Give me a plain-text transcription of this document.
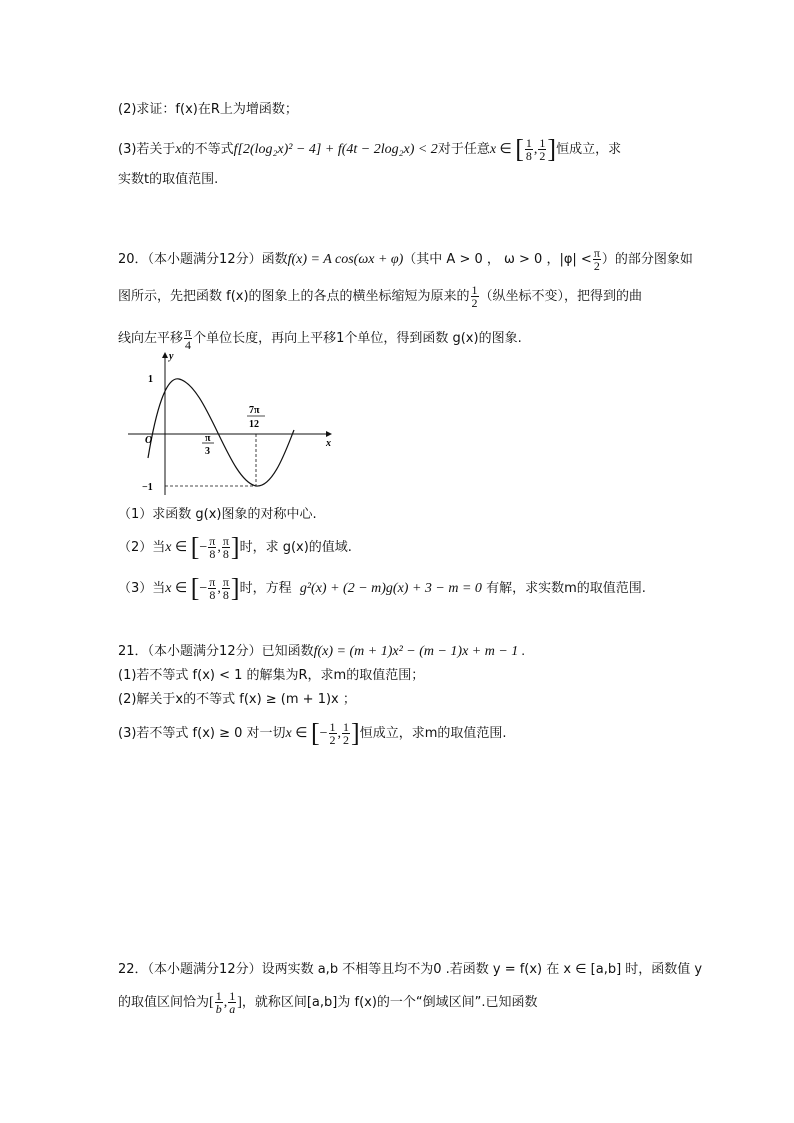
(2)求证：f(x)在R上为增函数；
(3)若关于x的不等式f[2(log₂x)² − 4] + f(4t − 2log₂x) < 2对于任意x ∈ [ $\frac{1}{8}$ , $\frac{1}{2}$ ]恒成立，求
实数t的取值范围.
20．（本小题满分12分）函数f(x) = A cos(ωx + φ)（其中 A > 0 ， ω > 0 ，$|\varphi| < \frac{\pi}{2}$ ）的部分图象如
图所示，先把函数 f(x)的图象上的各点的横坐标缩短为原来的 $\frac{1}{2}$ （纵坐标不变），把得到的曲
线向左平移 $\frac{\pi}{4}$ 个单位长度，再向上平移1个单位，得到函数 g(x)的图象.
y
x
O
1
−1
π
3
7π
12
（1）求函数 g(x)图象的对称中心.
（2）当x ∈ [− $\frac{\pi}{8}$ , $\frac{\pi}{8}$ ]时，求 g(x)的值域.
（3）当x ∈ [− $\frac{\pi}{8}$ , $\frac{\pi}{8}$ ]时，方程 g²(x) + (2 − m)g(x) + 3 − m = 0 有解，求实数m的取值范围.
21．（本小题满分12分）已知函数f(x) = (m + 1)x² − (m − 1)x + m − 1 .
(1)若不等式 f(x) < 1 的解集为R，求m的取值范围；
(2)解关于x的不等式 f(x) ≥ (m + 1)x ；
(3)若不等式 f(x) ≥ 0 对一切x ∈ [− $\frac{1}{2}$ , $\frac{1}{2}$ ]恒成立，求m的取值范围.
22．（本小题满分12分）设两实数 a,b 不相等且均不为0 .若函数 y = f(x) 在 x ∈ [a,b] 时，函数值 y
的取值区间恰为[ $\frac{1}{b}$ , $\frac{1}{a}$ ]，就称区间[a,b]为 f(x)的一个“倒域区间”.已知函数
